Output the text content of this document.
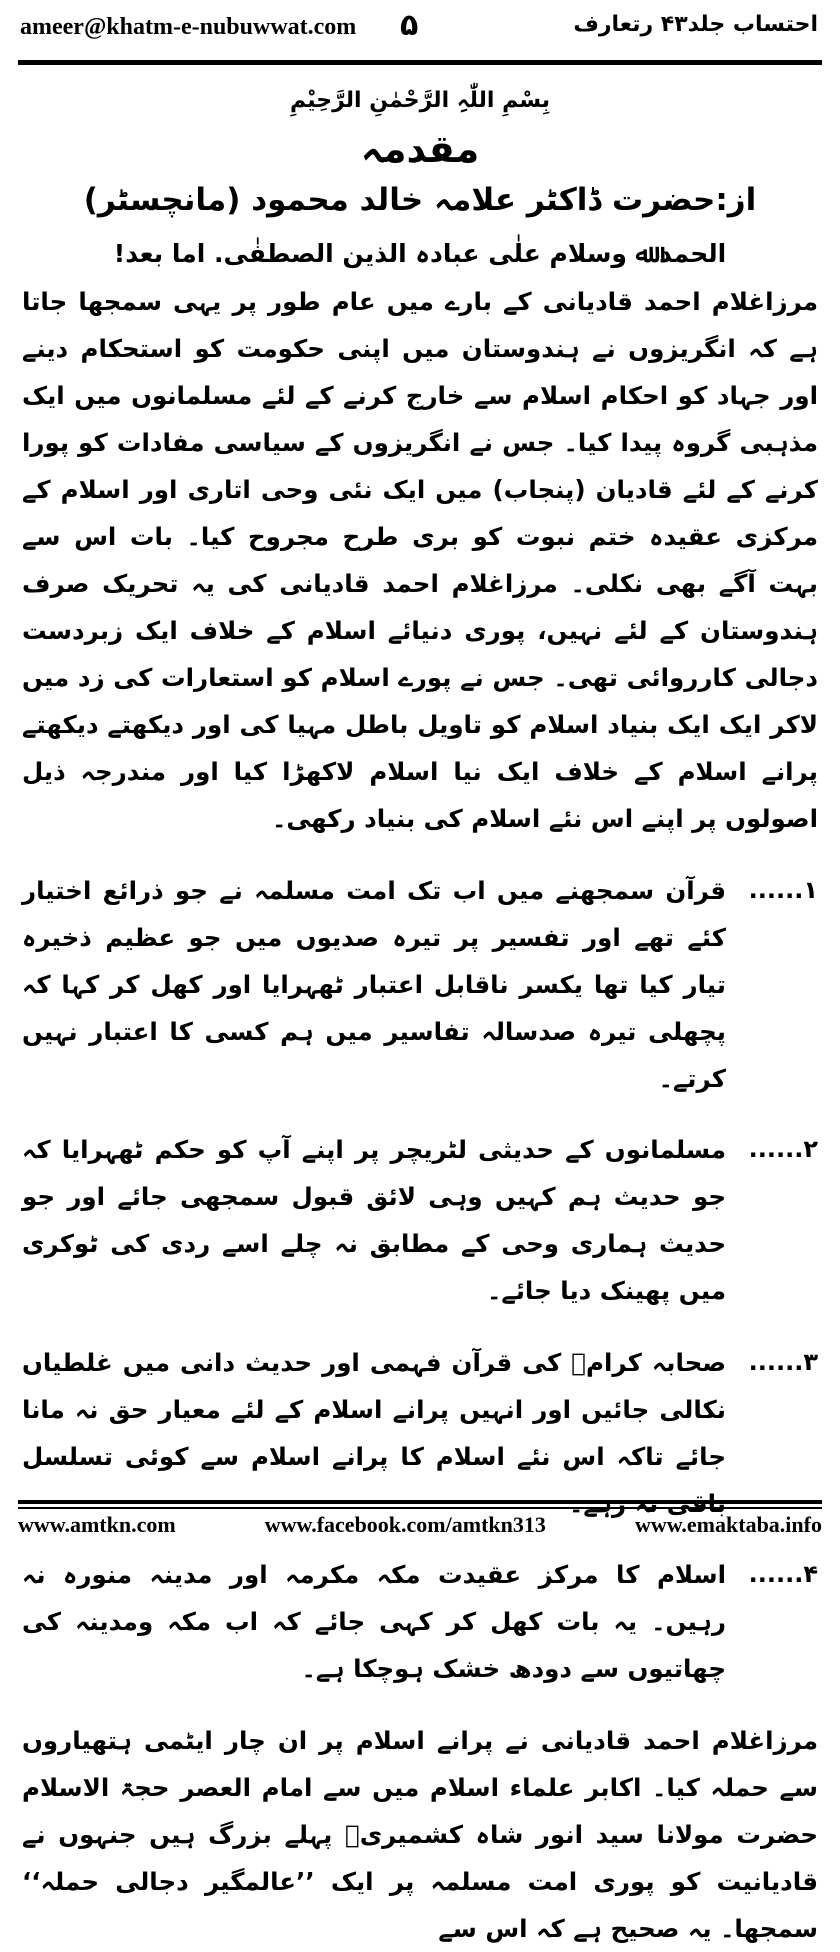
ameer@khatm-e-nubuwwat.com ۵	احتساب جلد۴۳ رتعارف

بِسْمِ اللّٰہِ الرَّحْمٰنِ الرَّحِیْمِ

مقدمہ

از:حضرت ڈاکٹر علامہ خالد محمود (مانچسٹر)

الحمد ﷲ وسلام علٰی عبادہ الذین الصطفٰی. اما بعد!

مرزاغلام احمد قادیانی کے بارے میں عام طور پر یہی سمجھا جاتا ہے کہ انگریزوں نے ہندوستان میں اپنی حکومت کو استحکام دینے اور جہاد کو احکام اسلام سے خارج کرنے کے لئے مسلمانوں میں ایک مذہبی گروہ پیدا کیا۔ جس نے انگریزوں کے سیاسی مفادات کو پورا کرنے کے لئے قادیان (پنجاب) میں ایک نئی وحی اتاری اور اسلام کے مرکزی عقیدہ ختم نبوت کو بری طرح مجروح کیا۔ بات اس سے بہت آگے بھی نکلی۔ مرزاغلام احمد قادیانی کی یہ تحریک صرف ہندوستان کے لئے نہیں، پوری دنیائے اسلام کے خلاف ایک زبردست دجالی کارروائی تھی۔ جس نے پورے اسلام کو استعارات کی زد میں لاکر ایک ایک بنیاد اسلام کو تاویل باطل مہیا کی اور دیکھتے دیکھتے پرانے اسلام کے خلاف ایک نیا اسلام لاکھڑا کیا اور مندرجہ ذیل اصولوں پر اپنے اس نئے اسلام کی بنیاد رکھی۔

۱......

قرآن سمجھنے میں اب تک امت مسلمہ نے جو ذرائع اختیار کئے تھے اور تفسیر پر تیرہ صدیوں میں جو عظیم ذخیرہ تیار کیا تھا یکسر ناقابل اعتبار ٹھہرایا اور کھل کر کہا کہ پچھلی تیرہ صدسالہ تفاسیر میں ہم کسی کا اعتبار نہیں کرتے۔

۲......

مسلمانوں کے حدیثی لٹریچر پر اپنے آپ کو حکم ٹھہرایا کہ جو حدیث ہم کہیں وہی لائق قبول سمجھی جائے اور جو حدیث ہماری وحی کے مطابق نہ چلے اسے ردی کی ٹوکری میں پھینک دیا جائے۔

۳......

صحابہ کرامؓ کی قرآن فہمی اور حدیث دانی میں غلطیاں نکالی جائیں اور انہیں پرانے اسلام کے لئے معیار حق نہ مانا جائے تاکہ اس نئے اسلام کا پرانے اسلام سے کوئی تسلسل

۴......

اسلام کا مرکز عقیدت مکہ مکرمہ اور مدینہ منورہ نہ رہیں۔ یہ بات کھل کر کہی جائے کہ اب مکہ ومدینہ کی چھاتیوں سے دودھ خشک ہوچکا ہے۔

مرزاغلام احمد قادیانی نے پرانے اسلام پر ان چار ایٹمی ہتھیاروں سے حملہ کیا۔ اکابر علماء اسلام میں سے امام العصر حجۃ الاسلام حضرت مولانا سید انور شاہ کشمیریؒ پہلے بزرگ ہیں جنہوں نے قادیانیت کو پوری امت مسلمہ پر ایک ’’عالمگیر دجالی حملہ‘‘ سمجھا۔ یہ صحیح ہے کہ اس سے

www.amtkn.com	www.facebook.com/amtkn313	www.emaktaba.info
